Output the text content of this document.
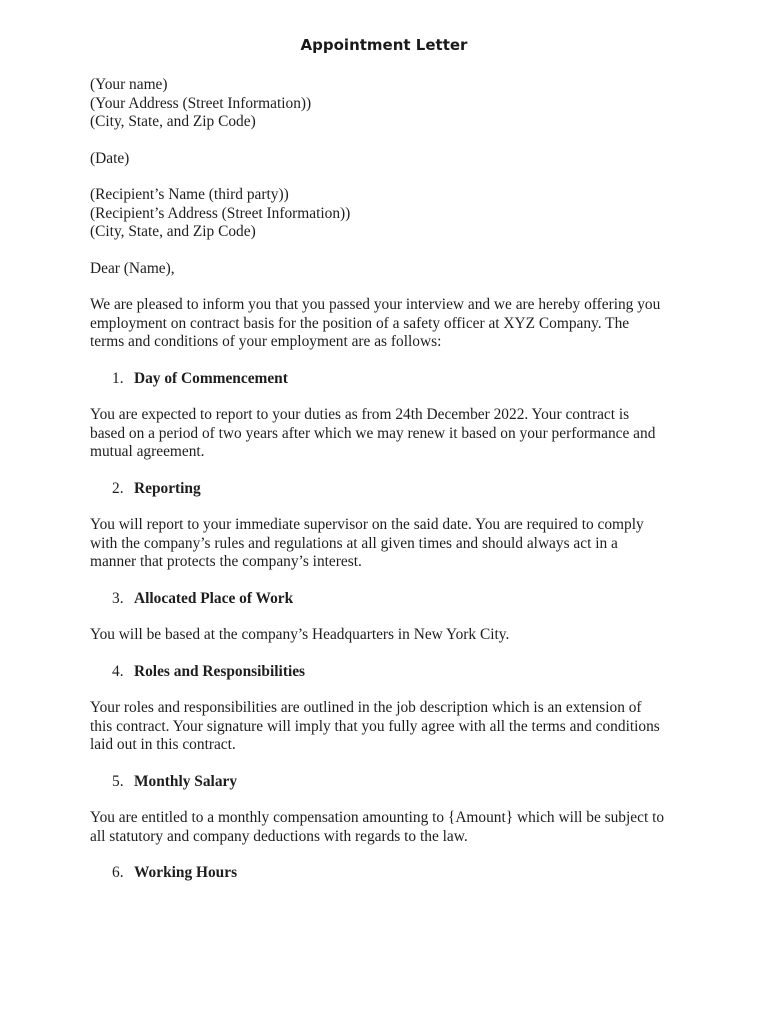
Appointment Letter
(Your name)
(Your Address (Street Information))
(City, State, and Zip Code)
(Date)
(Recipient’s Name (third party))
(Recipient’s Address (Street Information))
(City, State, and Zip Code)
Dear (Name),
We are pleased to inform you that you passed your interview and we are hereby offering you
employment on contract basis for the position of a safety officer at XYZ Company. The
terms and conditions of your employment are as follows:
1. Day of Commencement
You are expected to report to your duties as from 24th December 2022. Your contract is
based on a period of two years after which we may renew it based on your performance and
mutual agreement.
2. Reporting
You will report to your immediate supervisor on the said date. You are required to comply
with the company’s rules and regulations at all given times and should always act in a
manner that protects the company’s interest.
3. Allocated Place of Work
You will be based at the company’s Headquarters in New York City.
4. Roles and Responsibilities
Your roles and responsibilities are outlined in the job description which is an extension of
this contract. Your signature will imply that you fully agree with all the terms and conditions
laid out in this contract.
5. Monthly Salary
You are entitled to a monthly compensation amounting to {Amount} which will be subject to
all statutory and company deductions with regards to the law.
6. Working Hours
